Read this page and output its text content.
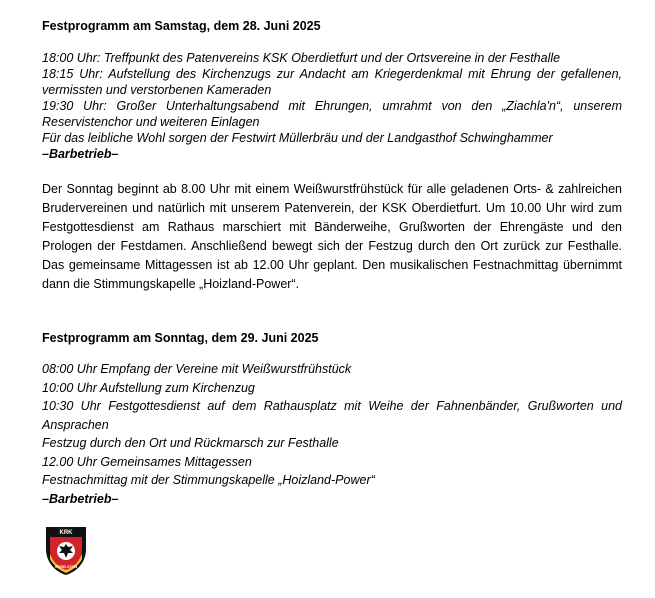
Festprogramm am Samstag, dem 28. Juni 2025

18:00 Uhr: Treffpunkt des Patenvereins KSK Oberdietfurt und der Ortsvereine in der Festhalle
18:15 Uhr: Aufstellung des Kirchenzugs zur Andacht am Kriegerdenkmal mit Ehrung der gefallenen, vermissten und verstorbenen Kameraden
19:30 Uhr: Großer Unterhaltungsabend mit Ehrungen, umrahmt von den „Ziachla'n“, unserem Reservistenchor und weiteren Einlagen
Für das leibliche Wohl sorgen der Festwirt Müllerbräu und der Landgasthof Schwinghammer
–Barbetrieb–

Der Sonntag beginnt ab 8.00 Uhr mit einem Weißwurstfrühstück für alle geladenen Orts- & zahlreichen Brudervereinen und natürlich mit unserem Patenverein, der KSK Oberdietfurt. Um 10.00 Uhr wird zum Festgottesdienst am Rathaus marschiert mit Bänderweihe, Grußworten der Ehrengäste und den Prologen der Festdamen. Anschließend bewegt sich der Festzug durch den Ort zurück zur Festhalle. Das gemeinsame Mittagessen ist ab 12.00 Uhr geplant. Den musikalischen Festnachmittag übernimmt dann die Stimmungskapelle „Hoizland-Power“.

Festprogramm am Sonntag, dem 29. Juni 2025

08:00 Uhr Empfang der Vereine mit Weißwurstfrühstück
10:00 Uhr Aufstellung zum Kirchenzug
10:30 Uhr Festgottesdienst auf dem Rathausplatz mit Weihe der Fahnenbänder, Grußworten und Ansprachen
Festzug durch den Ort und Rückmarsch zur Festhalle
12.00 Uhr Gemeinsames Mittagessen
Festnachmittag mit der Stimmungskapelle „Hoizland-Power“
–Barbetrieb–
KRK
GEISELSTEIN
